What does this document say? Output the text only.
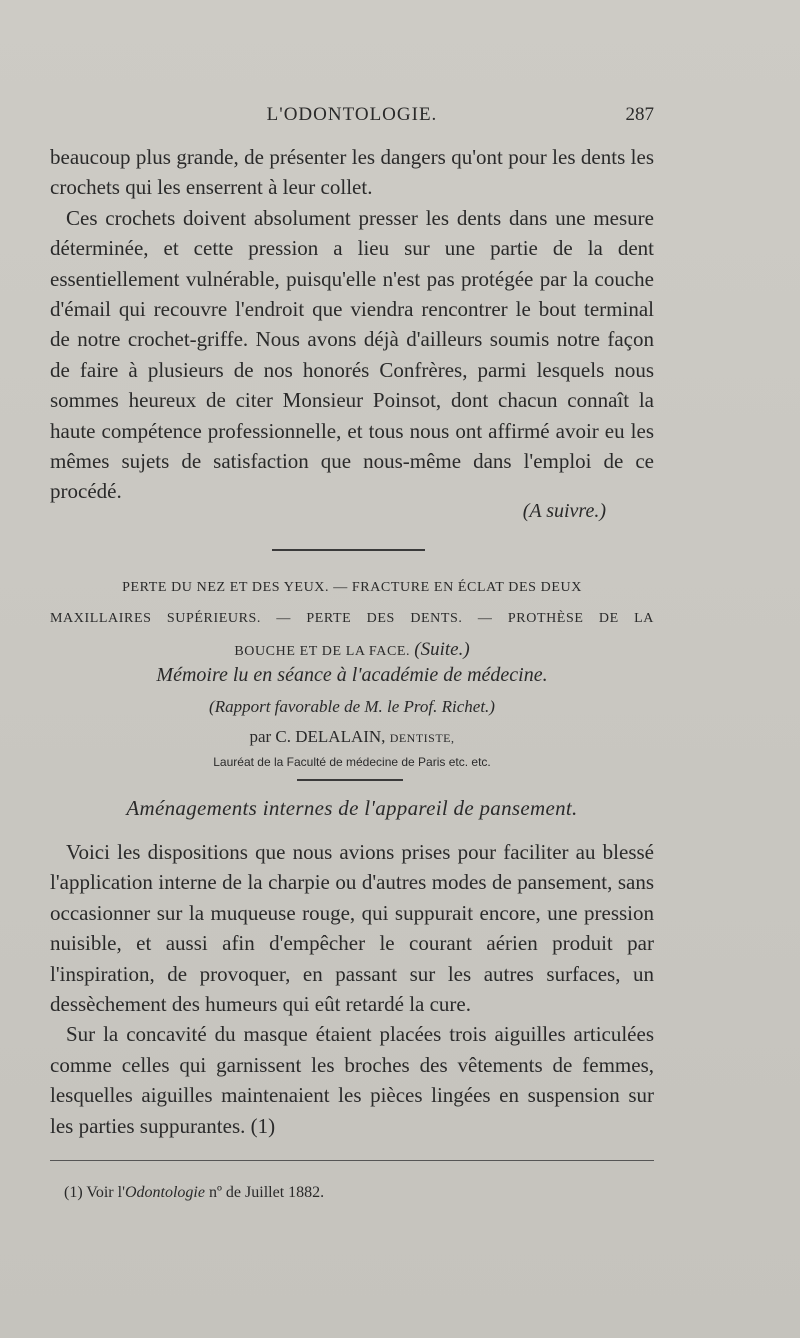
L'ODONTOLOGIE.	287

beaucoup plus grande, de présenter les dangers qu'ont pour les dents les crochets qui les enserrent à leur collet.

Ces crochets doivent absolument presser les dents dans une mesure déterminée, et cette pression a lieu sur une partie de la dent essentiellement vulnérable, puisqu'elle n'est pas protégée par la couche d'émail qui recouvre l'endroit que viendra rencontrer le bout terminal de notre crochet-griffe. Nous avons déjà d'ailleurs soumis notre façon de faire à plusieurs de nos honorés Confrères, parmi lesquels nous sommes heureux de citer Monsieur Poinsot, dont chacun connaît la haute compétence professionnelle, et tous nous ont affirmé avoir eu les mêmes sujets de satisfaction que nous-même dans l'emploi de ce procédé.

(A suivre.)
PERTE DU NEZ ET DES YEUX. — FRACTURE EN ÉCLAT DES DEUX
MAXILLAIRES SUPÉRIEURS. — PERTE DES DENTS. — PROTHÈSE DE LA
BOUCHE ET DE LA FACE. (Suite.)
Mémoire lu en séance à l'académie de médecine.
(Rapport favorable de M. le Prof. Richet.)
par C. DELALAIN, DENTISTE,
Lauréat de la Faculté de médecine de Paris etc. etc.
Aménagements internes de l'appareil de pansement.

Voici les dispositions que nous avions prises pour faciliter au blessé l'application interne de la charpie ou d'autres modes de pansement, sans occasionner sur la muqueuse rouge, qui suppurait encore, une pression nuisible, et aussi afin d'empêcher le courant aérien produit par l'inspiration, de provoquer, en passant sur les autres surfaces, un dessèchement des humeurs qui eût retardé la cure.

Sur la concavité du masque étaient placées trois aiguilles articulées comme celles qui garnissent les broches des vêtements de femmes, lesquelles aiguilles maintenaient les pièces lingées en suspension sur les parties suppurantes. (1)

(1) Voir l'Odontologie nº de Juillet 1882.
